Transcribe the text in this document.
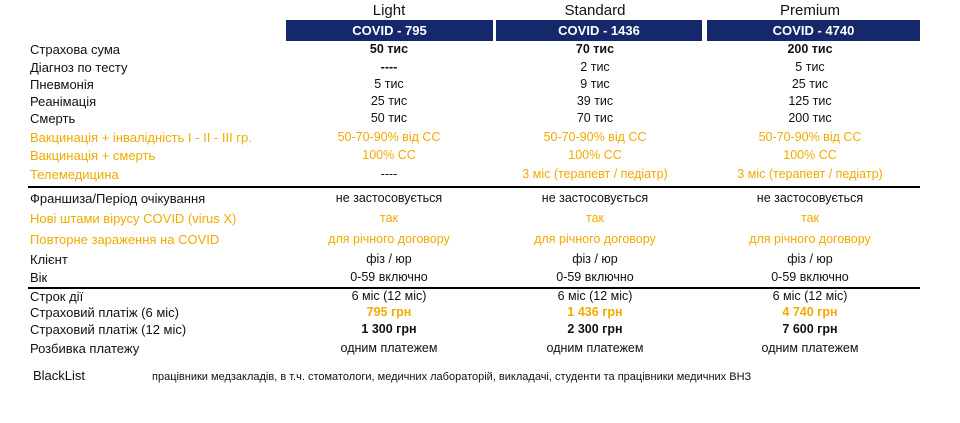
Light	Standard	Premium
COVID - 795	COVID - 1436	COVID - 4740
Страхова сума	50 тис	70 тис	200 тис
Діагноз по тесту	----	2 тис	5 тис
Пневмонія	5 тис	9 тис	25 тис
Реанімація	25 тис	39 тис	125 тис
Смерть	50 тис	70 тис	200 тис
Вакцинація + інвалідність І - ІІ - ІІІ гр.	50-70-90% від СС	50-70-90% від СС	50-70-90% від СС
Вакцинація + смерть	100% СС	100% СС	100% СС
Телемедицина	----	3 міс (терапевт / педіатр)	3 міс (терапевт / педіатр)
Франшиза/Період очікування	не застосовується	не застосовується	не застосовується
Нові штами вірусу COVID (virus X)	так	так	так
Повторне зараження на COVID	для річного договору	для річного договору	для річного договору
Клієнт	фіз / юр	фіз / юр	фіз / юр
Вік	0-59 включно	0-59 включно	0-59 включно
Строк дії	6 міс (12 міс)	6 міс (12 міс)	6 міс (12 міс)
Страховий платіж (6 міс)	795 грн	1 436 грн	4 740 грн
Страховий платіж (12 міс)	1 300 грн	2 300 грн	7 600 грн
Розбивка платежу	одним платежем	одним платежем	одним платежем
BlackList	працівники медзакладів, в т.ч. стоматологи, медичних лабораторій, викладачі, студенти та працівники медичних ВНЗ
